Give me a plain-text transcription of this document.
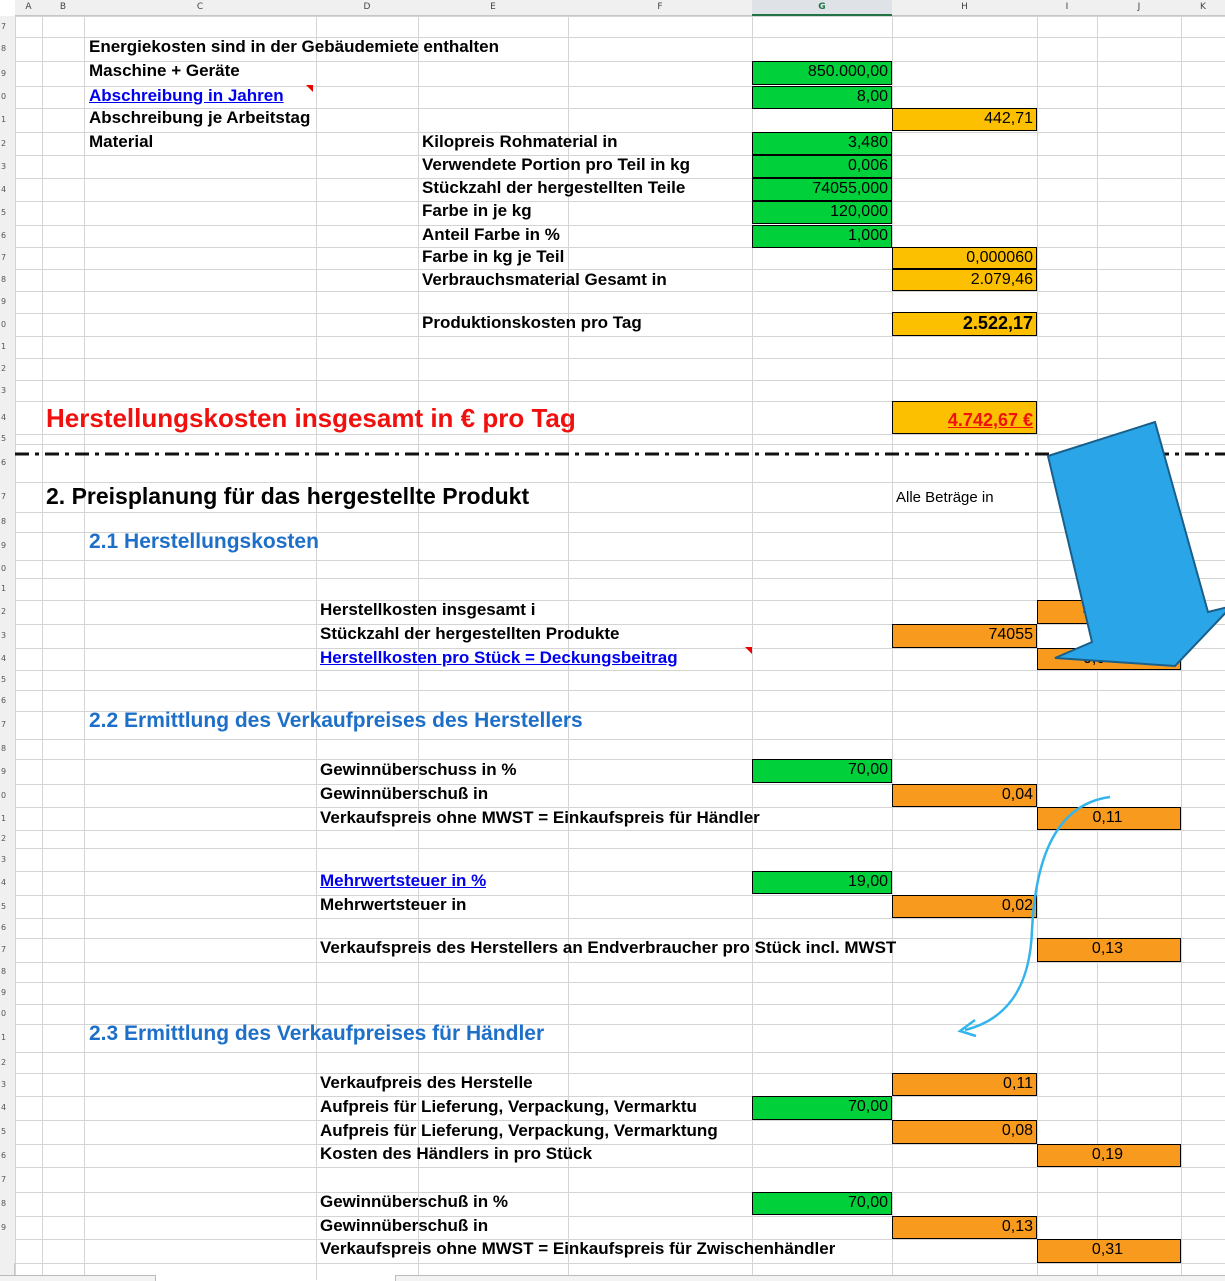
A	B	C	D	E	F	G	H	I	J	K
7
8
9
0
1
2
3
4
5
6
7
8
9
0
1
2
3
4
5
6
7
8
9
0
1
2
3
4
5
6
7
8
9
0
1
2
3
4
5
6
7
8
9
0
1
2
3
4
5
6
7
8
9
Energiekosten sind in der Gebäudemiete enthalten
Maschine + Geräte	850.000,00
Abschreibung in Jahren	8,00
Abschreibung je Arbeitstag	442,71
Material	Kilopreis Rohmaterial in	3,480
Verwendete Portion pro Teil in kg	0,006
Stückzahl der hergestellten Teile	74055,000
Farbe in je kg	120,000
Anteil Farbe in %	1,000
Farbe in kg je Teil	0,000060
Verbrauchsmaterial Gesamt in	2.079,46
Produktionskosten pro Tag	2.522,17
Herstellungskosten insgesamt in € pro Tag	4.742,67 €
2. Preisplanung für das hergestellte Produkt	Alle Beträge in
2.1 Herstellungskosten
Herstellkosten insgesamt i
Stückzahl der hergestellten Produkte	74055
Herstellkosten pro Stück = Deckungsbeitrag
2.2 Ermittlung des Verkaufpreises des Herstellers
Gewinnüberschuss in %	70,00
Gewinnüberschuß in	0,04
Verkaufspreis ohne MWST = Einkaufspreis für Händler	0,11
Mehrwertsteuer in %	19,00
Mehrwertsteuer in	0,02
Verkaufspreis des Herstellers an Endverbraucher pro Stück incl. MWST	0,13
2.3 Ermittlung des Verkaufpreises für Händler
Verkaufpreis des Herstelle	0,11
Aufpreis für Lieferung, Verpackung, Vermarktu	70,00
Aufpreis für Lieferung, Verpackung, Vermarktung	0,08
Kosten des Händlers in pro Stück	0,19
Gewinnüberschuß in %	70,00
Gewinnüberschuß in	0,13
Verkaufspreis ohne MWST = Einkaufspreis für Zwischenhändler	0,31
